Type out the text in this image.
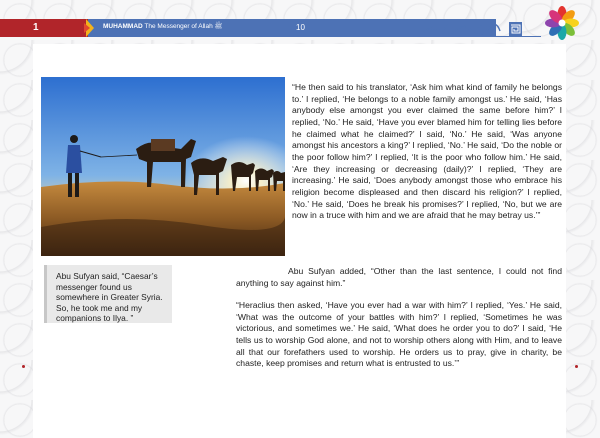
1	MUHAMMAD The Messenger of Allah ﷺ	10
“He then said to his translator, ‘Ask him what kind of family he belongs to.’ I replied, ‘He belongs to a noble family amongst us.’ He said, ‘Has anybody else amongst you ever claimed the same before him?’ I replied, ‘No.’ He said, ‘Have you ever blamed him for telling lies before he claimed what he claimed?’ I said, ‘No.’ He said, ‘Was anyone amongst his ancestors a king?’ I replied, ‘No.’ He said, ‘Do the noble or the poor follow him?’ I replied, ‘It is the poor who follow him.’ He said, ‘Are they increasing or decreasing (daily)?’ I replied, ‘They are increasing.’ He said, ‘Does anybody amongst those who embrace his religion become displeased and then discard his religion?’ I replied, ‘No.’ He said, ‘Does he break his promises?’ I replied, ‘No, but we are now in a truce with him and we are afraid that he may betray us.’”
Abu Sufyan added, “Other than the last sentence, I could not find anything to say against him.”
“Heraclius then asked, ‘Have you ever had a war with him?’ I replied, ‘Yes.’ He said, ‘What was the outcome of your battles with him?’ I replied, ‘Sometimes he was victorious, and sometimes we.’ He said, ‘What does he order you to do?’ I said, ‘He tells us to worship God alone, and not to worship others along with Him, and to leave all that our forefathers used to worship. He orders us to pray, give in charity, be chaste, keep promises and return what is entrusted to us.’”
Abu Sufyan said, “Caesar’s messenger found us somewhere in Greater Syria. So, he took me and my companions to Ilya. ”
